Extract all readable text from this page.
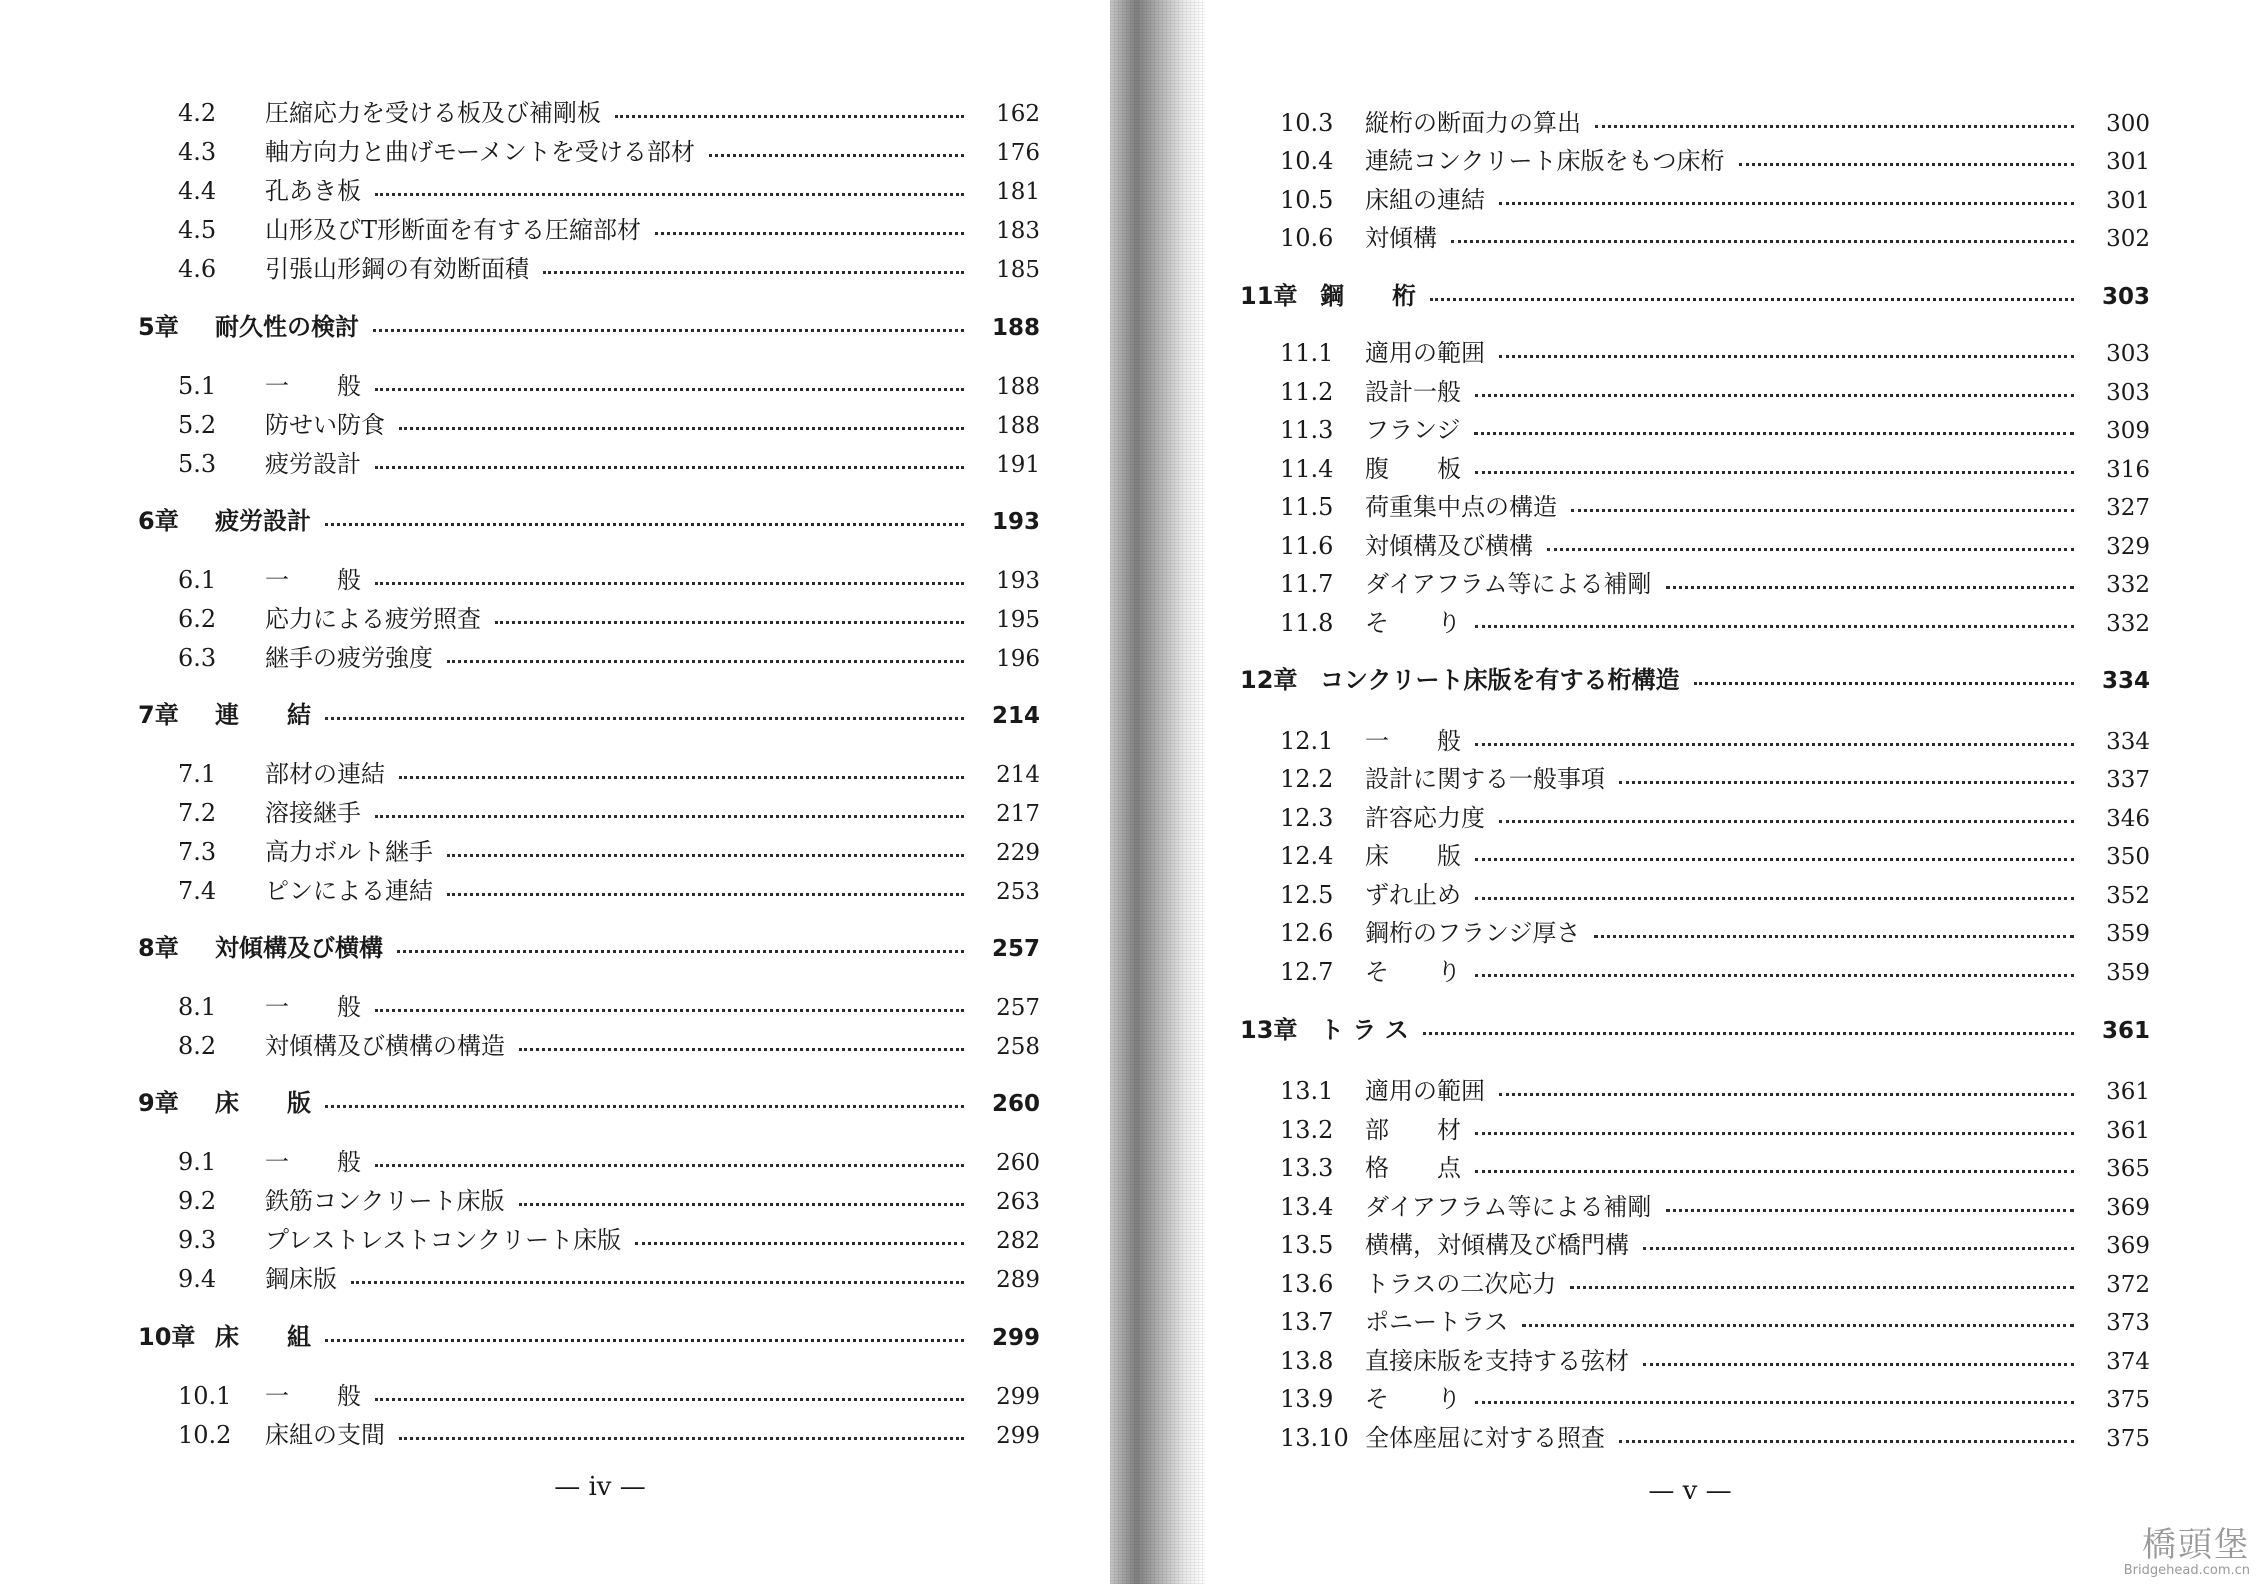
4.2	圧縮応力を受ける板及び補剛板	162
4.3	軸方向力と曲げモーメントを受ける部材	176
4.4	孔あき板	181
4.5	山形及びT形断面を有する圧縮部材	183
4.6	引張山形鋼の有効断面積	185
5章	耐久性の検討	188
5.1	一　　般	188
5.2	防せい防食	188
5.3	疲労設計	191
6章	疲労設計	193
6.1	一　　般	193
6.2	応力による疲労照査	195
6.3	継手の疲労強度	196
7章	連　　結	214
7.1	部材の連結	214
7.2	溶接継手	217
7.3	高力ボルト継手	229
7.4	ピンによる連結	253
8章	対傾構及び横構	257
8.1	一　　般	257
8.2	対傾構及び横構の構造	258
9章	床　　版	260
9.1	一　　般	260
9.2	鉄筋コンクリート床版	263
9.3	プレストレストコンクリート床版	282
9.4	鋼床版	289
10章 床　　組	299
10.1	一　　般	299
10.2	床組の支間	299
10.3	縦桁の断面力の算出	300
10.4	連続コンクリート床版をもつ床桁	301
10.5	床組の連結	301
10.6	対傾構	302
11章 鋼　　桁	303
11.1	適用の範囲	303
11.2	設計一般	303
11.3	フランジ	309
11.4	腹　　板	316
11.5	荷重集中点の構造	327
11.6	対傾構及び横構	329
11.7	ダイアフラム等による補剛	332
11.8	そ　　り	332
12章 コンクリート床版を有する桁構造	334
12.1	一　　般	334
12.2	設計に関する一般事項	337
12.3	許容応力度	346
12.4	床　　版	350
12.5	ずれ止め	352
12.6	鋼桁のフランジ厚さ	359
12.7	そ　　り	359
13章 ト ラ ス	361
13.1	適用の範囲	361
13.2	部　　材	361
13.3	格　　点	365
13.4	ダイアフラム等による補剛	369
13.5	横構，対傾構及び橋門構	369
13.6	トラスの二次応力	372
13.7	ポニートラス	373
13.8	直接床版を支持する弦材	374
13.9	そ　　り	375
13.10 全体座屈に対する照査	375
— iv —	— v —
橋頭堡
Bridgehead.com.cn
